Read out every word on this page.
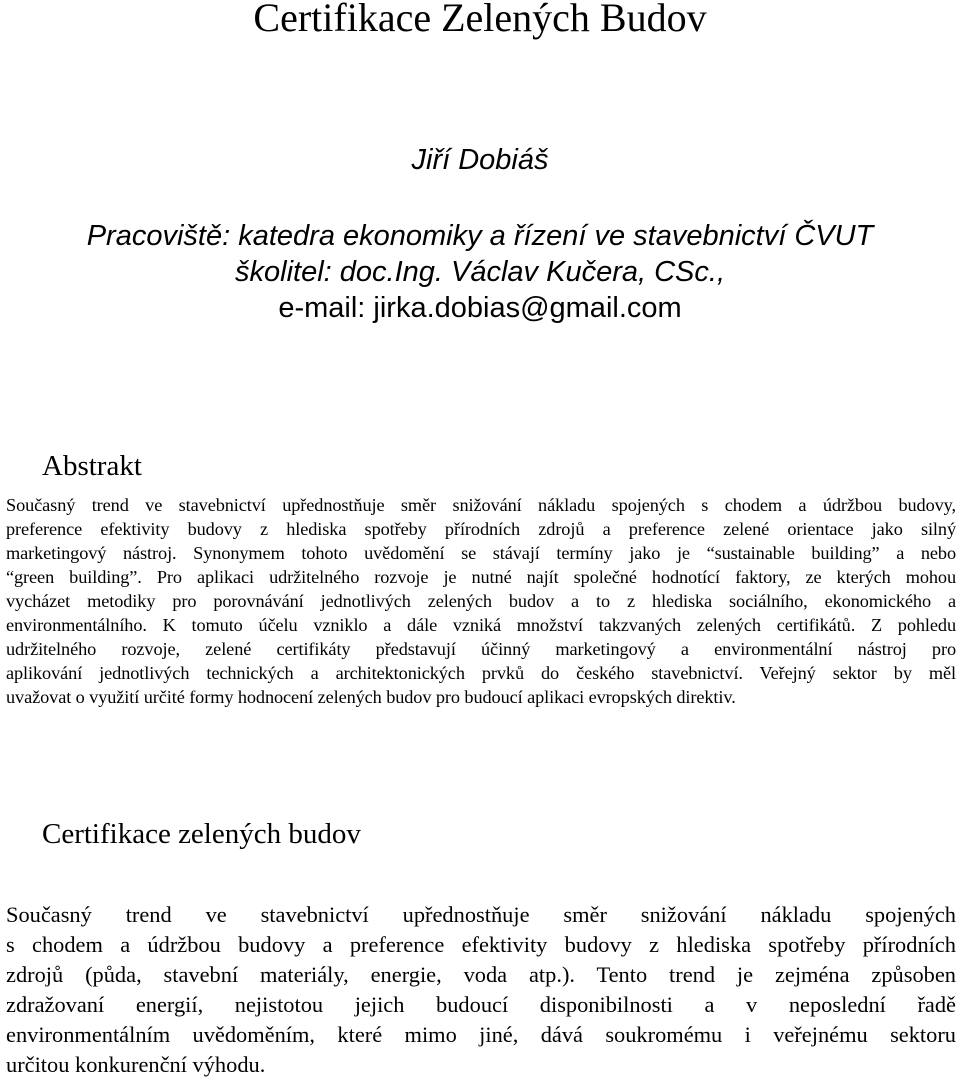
Certifikace Zelených Budov
Jiří Dobiáš
Pracoviště: katedra ekonomiky a řízení ve stavebnictví ČVUT
školitel: doc.Ing. Václav Kučera, CSc.,
e-mail: jirka.dobias@gmail.com
Abstrakt

Současný trend ve stavebnictví upřednostňuje směr snižování nákladu spojených s chodem a údržbou budovy,
preference efektivity budovy z hlediska spotřeby přírodních zdrojů a preference zelené orientace jako silný
marketingový nástroj. Synonymem tohoto uvědomění se stávají termíny jako je “sustainable building” a nebo
“green building”. Pro aplikaci udržitelného rozvoje je nutné najít společné hodnotící faktory, ze kterých mohou
vycházet metodiky pro porovnávání jednotlivých zelených budov a to z hlediska sociálního, ekonomického a
environmentálního. K tomuto účelu vzniklo a dále vzniká množství takzvaných zelených certifikátů. Z pohledu
udržitelného rozvoje, zelené certifikáty představují účinný marketingový a environmentální nástroj pro
aplikování jednotlivých technických a architektonických prvků do českého stavebnictví. Veřejný sektor by měl
uvažovat o využití určité formy hodnocení zelených budov pro budoucí aplikaci evropských direktiv.

Certifikace zelených budov

Současný trend ve stavebnictví upřednostňuje směr snižování nákladu spojených
s chodem a údržbou budovy a preference efektivity budovy z hlediska spotřeby přírodních
zdrojů (půda, stavební materiály, energie, voda atp.). Tento trend je zejména způsoben
zdražovaní energií, nejistotou jejich budoucí disponibilnosti a v neposlední řadě
environmentálním uvědoměním, které mimo jiné, dává soukromému i veřejnému sektoru
určitou konkurenční výhodu.
